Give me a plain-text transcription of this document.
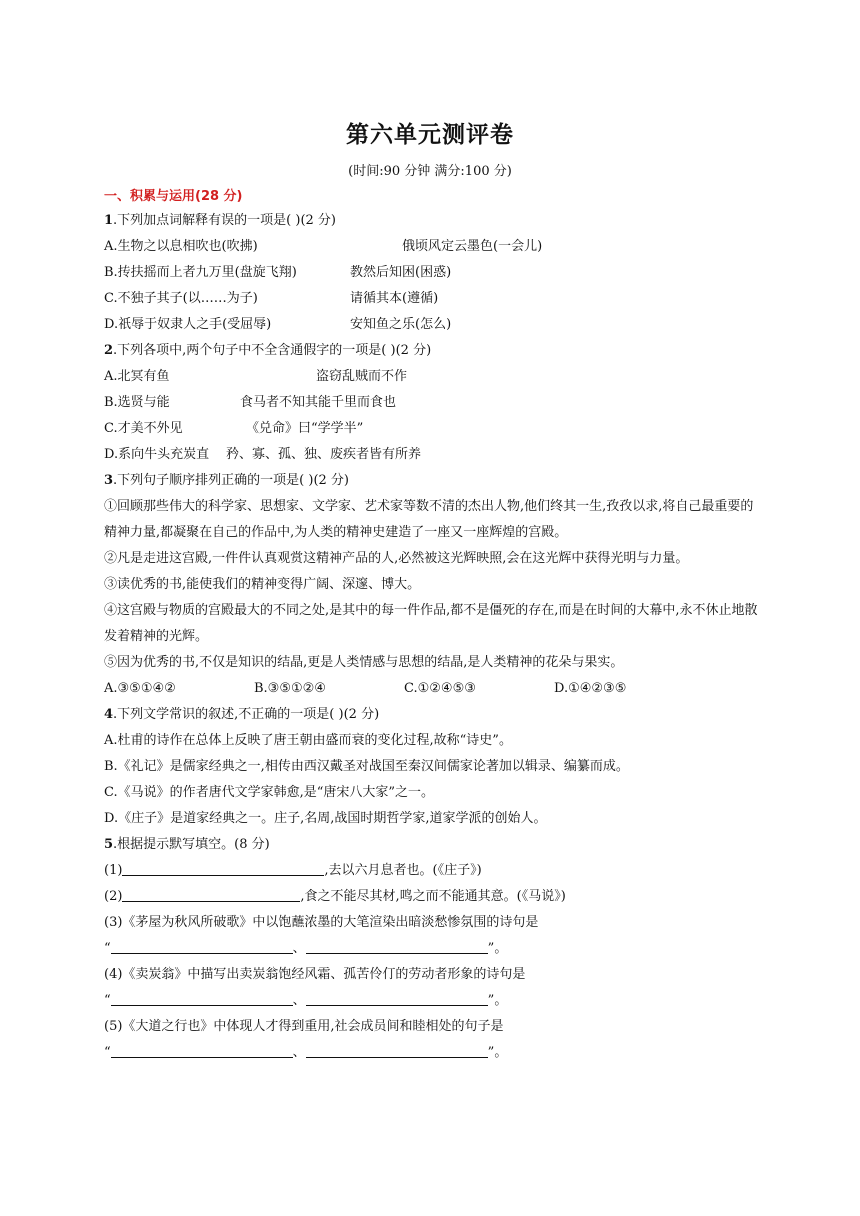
第六单元测评卷
(时间:90 分钟 满分:100 分)
一、积累与运用(28 分)
1.下列加点词解释有误的一项是( )(2 分)
A.生物之以息相吹也(吹拂)	俄顷风定云墨色(一会儿)
B.抟扶摇而上者九万里(盘旋飞翔)	教然后知困(困惑)
C.不独子其子(以……为子)	请循其本(遵循)
D.祇辱于奴隶人之手(受屈辱)	安知鱼之乐(怎么)
2.下列各项中,两个句子中不全含通假字的一项是( )(2 分)
A.北冥有鱼	盗窃乱贼而不作
B.选贤与能	食马者不知其能千里而食也
C.才美不外见	《兑命》曰“学学半”
D.系向牛头充炭直 矜、寡、孤、独、废疾者皆有所养
3.下列句子顺序排列正确的一项是( )(2 分)
①回顾那些伟大的科学家、思想家、文学家、艺术家等数不清的杰出人物,他们终其一生,孜孜以求,将自己最重要的精神力量,都凝聚在自己的作品中,为人类的精神史建造了一座又一座辉煌的宫殿。
②凡是走进这宫殿,一件件认真观赏这精神产品的人,必然被这光辉映照,会在这光辉中获得光明与力量。
③读优秀的书,能使我们的精神变得广阔、深邃、博大。
④这宫殿与物质的宫殿最大的不同之处,是其中的每一件作品,都不是僵死的存在,而是在时间的大幕中,永不休止地散发着精神的光辉。
⑤因为优秀的书,不仅是知识的结晶,更是人类情感与思想的结晶,是人类精神的花朵与果实。
A.③⑤①④②	B.③⑤①②④	C.①②④⑤③	D.①④②③⑤
4.下列文学常识的叙述,不正确的一项是( )(2 分)
A.杜甫的诗作在总体上反映了唐王朝由盛而衰的变化过程,故称“诗史”。
B.《礼记》是儒家经典之一,相传由西汉戴圣对战国至秦汉间儒家论著加以辑录、编纂而成。
C.《马说》的作者唐代文学家韩愈,是“唐宋八大家”之一。
D.《庄子》是道家经典之一。庄子,名周,战国时期哲学家,道家学派的创始人。
5.根据提示默写填空。(8 分)
(1)	,去以六月息者也。(《庄子》)
(2)	,食之不能尽其材,鸣之而不能通其意。(《马说》)
(3)《茅屋为秋风所破歌》中以饱蘸浓墨的大笔渲染出暗淡愁惨氛围的诗句是
“	、	”。
(4)《卖炭翁》中描写出卖炭翁饱经风霜、孤苦伶仃的劳动者形象的诗句是
“	、	”。
(5)《大道之行也》中体现人才得到重用,社会成员间和睦相处的句子是
“	、	”。
